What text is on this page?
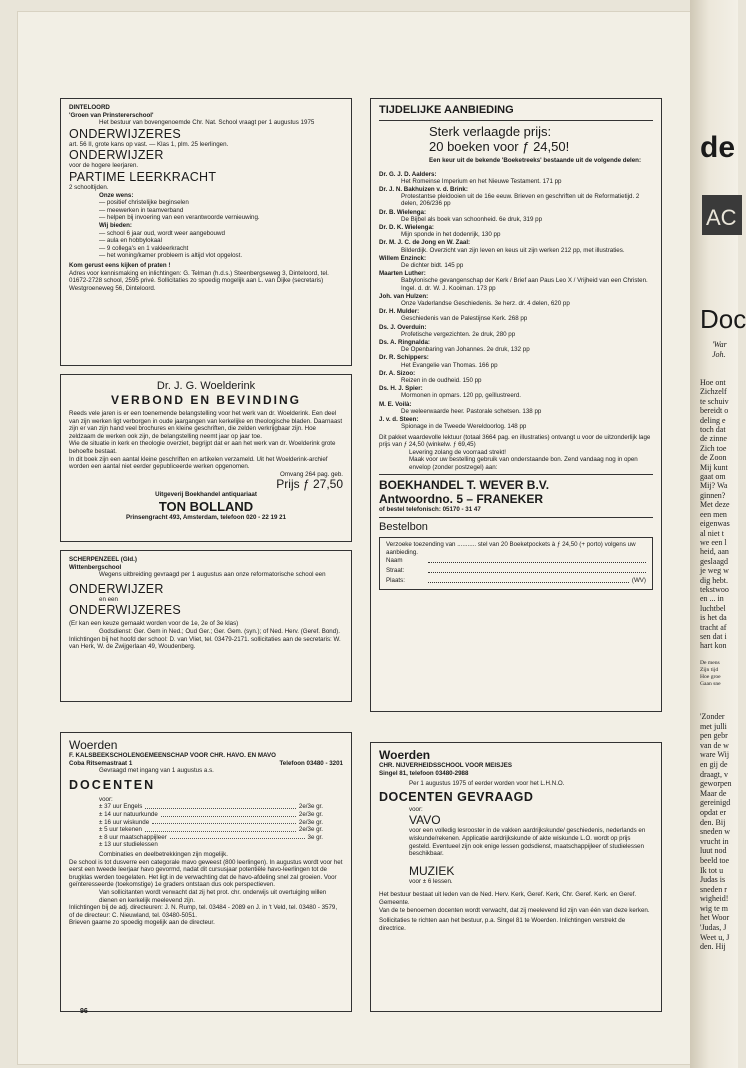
DINTELOORD
'Groen van Prinstererschool'
Het bestuur van bovengenoemde Chr. Nat. School vraagt per 1 augustus 1975
ONDERWIJZERES
art. 56 II, grote kans op vast. — Klas 1, plm. 25 leerlingen.
ONDERWIJZER
voor de hogere leerjaren.
PARTIME LEERKRACHT
2 schooltijden.
Onze wens:
— positief christelijke beginselen
— meewerken in teamverband
— helpen bij invoering van een verantwoorde vernieuwing.
Wij bieden:
— school 6 jaar oud, wordt weer aangebouwd
— aula en hobbylokaal
— 9 collega's en 1 vakleerkracht
— het woning/kamer probleem is altijd vlot opgelost.
Kom gerust eens kijken of praten !
Adres voor kennismaking en inlichtingen: G. Telman (h.d.s.) Steenbergseweg 3, Dinteloord, tel. 01672-2728 school, 2595 privé. Sollicitaties zo spoedig mogelijk aan L. van Dijke (secretaris) Westgroeneweg 56, Dinteloord.
Dr. J. G. Woelderink
VERBOND EN BEVINDING
Reeds vele jaren is er een toenemende belangstelling voor het werk van dr. Woelderink. Een deel van zijn werken ligt verborgen in oude jaargangen van kerkelijke en theologische bladen. Daarnaast zijn er van zijn hand veel brochures en kleine geschriften, die zelden verkrijgbaar zijn. Hoe zeldzaam de werken ook zijn, de belangstelling neemt jaar op jaar toe.
Wie de situatie in kerk en theologie overziet, begrijpt dat er aan het werk van dr. Woelderink grote behoefte bestaat.
In dit boek zijn een aantal kleine geschriften en artikelen verzameld. Uit het Woelderink-archief worden een aantal niet eerder gepubliceerde werken opgenomen.
Omvang 264 pag. geb.
Prijs ƒ 27,50
Uitgeverij Boekhandel antiquariaat
TON BOLLAND
Prinsengracht 493, Amsterdam, telefoon 020 - 22 19 21
SCHERPENZEEL (Gld.)
Wittenbergschool
Wegens uitbreiding gevraagd per 1 augustus aan onze reformatorische school een
ONDERWIJZER
en een
ONDERWIJZERES
(Er kan een keuze gemaakt worden voor de 1e, 2e of 3e klas)
Godsdienst: Ger. Gem in Ned.; Oud Ger.; Ger. Gem. (syn.); of Ned. Herv. (Geref. Bond).
Inlichtingen bij het hoofd der school: D. van Vliet, tel. 03479-2171. sollicitaties aan de secretaris: W. van Herk, W. de Zwijgerlaan 49, Woudenberg.
Woerden
F. KALSBEEKSCHOLENGEMEENSCHAP VOOR CHR. HAVO. EN MAVO
Coba Ritsemastraat 1	Telefoon 03480 - 3201
Gevraagd met ingang van 1 augustus a.s.
DOCENTEN
voor:
± 37 uur Engels	2e/3e gr.
± 14 uur natuurkunde	2e/3e gr.
± 16 uur wiskunde	2e/3e gr.
± 5 uur tekenen	2e/3e gr.
± 8 uur maatschappijleer	3e gr.
± 13 uur studielessen
Combinaties en deelbetrekkingen zijn mogelijk.
De school is tot dusverre een categorale mavo geweest (800 leerlingen). In augustus wordt voor het eerst een tweede leerjaar havo gevormd, nadat dit cursusjaar potentiële havo-leerlingen tot de brugklas werden toegelaten. Het ligt in de verwachting dat de havo-afdeling snel zal groeien. Voor geïnteresseerde (toekomstige) 1e graders ontstaan dus ook perspectieven.
Van sollicitanten wordt verwacht dat zij het prot. chr. onderwijs uit overtuiging willen dienen en kerkelijk meelevend zijn.
Inlichtingen bij de adj. directeuren: J. N. Rump, tel. 03484 - 2089 en J. in 't Veld, tel. 03480 - 3579, of de directeur: C. Nieuwland, tel. 03480-5051.
Brieven gaarne zo spoedig mogelijk aan de directeur.
TIJDELIJKE AANBIEDING
Sterk verlaagde prijs:
20 boeken voor ƒ 24,50!
Een keur uit de bekende 'Boeketreeks' bestaande uit de volgende delen:
Dr. G. J. D. Aalders:
Het Romeinse Imperium en het Nieuwe Testament. 171 pp
Dr. J. N. Bakhuizen v. d. Brink:
Protestantse pleidooien uit de 16e eeuw. Brieven en geschriften uit de Reformatietijd. 2 delen, 206/236 pp
Dr. B. Wielenga:
De Bijbel als boek van schoonheid. 6e druk, 319 pp
Dr. D. K. Wielenga:
Mijn sponde in het dodenrijk, 130 pp
Dr. M. J. C. de Jong en W. Zaal:
Bilderdijk. Overzicht van zijn leven en keus uit zijn werken 212 pp, met illustraties.
Willem Enzinck:
De dichter bidt. 145 pp
Maarten Luther:
Babylonische gevangenschap der Kerk / Brief aan Paus Leo X / Vrijheid van een Christen. Ingel. d. dr. W. J. Kooiman. 173 pp
Joh. van Hulzen:
Onze Vaderlandse Geschiedenis. 3e herz. dr. 4 delen, 620 pp
Dr. H. Mulder:
Geschiedenis van de Palestijnse Kerk. 268 pp
Ds. J. Overduin:
Profetische vergezichten. 2e druk, 280 pp
Ds. A. Ringnalda:
De Openbaring van Johannes. 2e druk, 132 pp
Dr. R. Schippers:
Het Evangelie van Thomas. 166 pp
Dr. A. Sizoo:
Reizen in de oudheid. 150 pp
Ds. H. J. Spier:
Mormonen in opmars. 120 pp, geïllustreerd.
M. E. Voilà:
De weleerwaarde heer. Pastorale schetsen. 138 pp
J. v. d. Steen:
Spionage in de Tweede Wereldoorlog. 148 pp
Dit pakket waardevolle lektuur (totaal 3664 pag. en illustraties) ontvangt u voor de uitzonderlijk lage prijs van ƒ 24,50 (winkelw. ƒ 69,45)
Levering zolang de voorraad strekt!
Maak voor uw bestelling gebruik van onderstaande bon. Zend vandaag nog in open envelop (zonder postzegel) aan:
BOEKHANDEL T. WEVER B.V.
Antwoordno. 5 – FRANEKER
of bestel telefonisch: 05170 - 31 47
Bestelbon
Verzoeke toezending van ........... stel van 20 Boeketpockets à ƒ 24,50 (+ porto) volgens uw aanbieding.
Naam
Straat:
Plaats:	(WV)
Woerden
CHR. NIJVERHEIDSSCHOOL VOOR MEISJES
Singel 81, telefoon 03480-2988
Per 1 augustus 1975 of eerder worden voor het L.H.N.O.
DOCENTEN GEVRAAGD
voor:
VAVO
voor een volledig lesrooster in de vakken aardrijkskunde/ geschiedenis, nederlands en wiskunde/rekenen. Applicatie aardrijkskunde of akte wiskunde L.O. wordt op prijs gesteld. Eventueel zijn ook enige lessen godsdienst, maatschappijleer of studielessen beschikbaar.
MUZIEK
voor ± 6 lessen.
Het bestuur bestaat uit leden van de Ned. Herv. Kerk, Geref. Kerk, Chr. Geref. Kerk. en Geref. Gemeente.
Van de te benoemen docenten wordt verwacht, dat zij meelevend lid zijn van één van deze kerken.
Sollicitaties te richten aan het bestuur, p.a. Singel 81 te Woerden. Inlichtingen verstrekt de directrice.
96
de
AC
Doc
'War
Joh.
Hoe ont
Zichzelf
te schuiv
bereidt o
deling e
toch dat
de zinne
Zich toe
de Zoon
Mij kunt
gaat om
Mij? Wa
ginnen?
Met deze
een men
eigenwas
al niet t
we een l
heid, aan
geslaagd
je weg w
dig hebt.
tekstwoo
en ... in
luchtbel
is het da
tracht af
sen dat i
hart kon
De mens
Zijn tijd
Hoe groe
Gaan sne
'Zonder
met julli
pen gebr
van de w
ware Wij
en gij de
draagt, v
geworpen
Maar de
gereinigd
opdat er
den. Bij
sneden w
vrucht in
luut nod
beeld toe
Ik tot u
Judas is
sneden r
wigheid!
wig te m
het Woor
'Judas, J
Weet u, J
den. Hij
